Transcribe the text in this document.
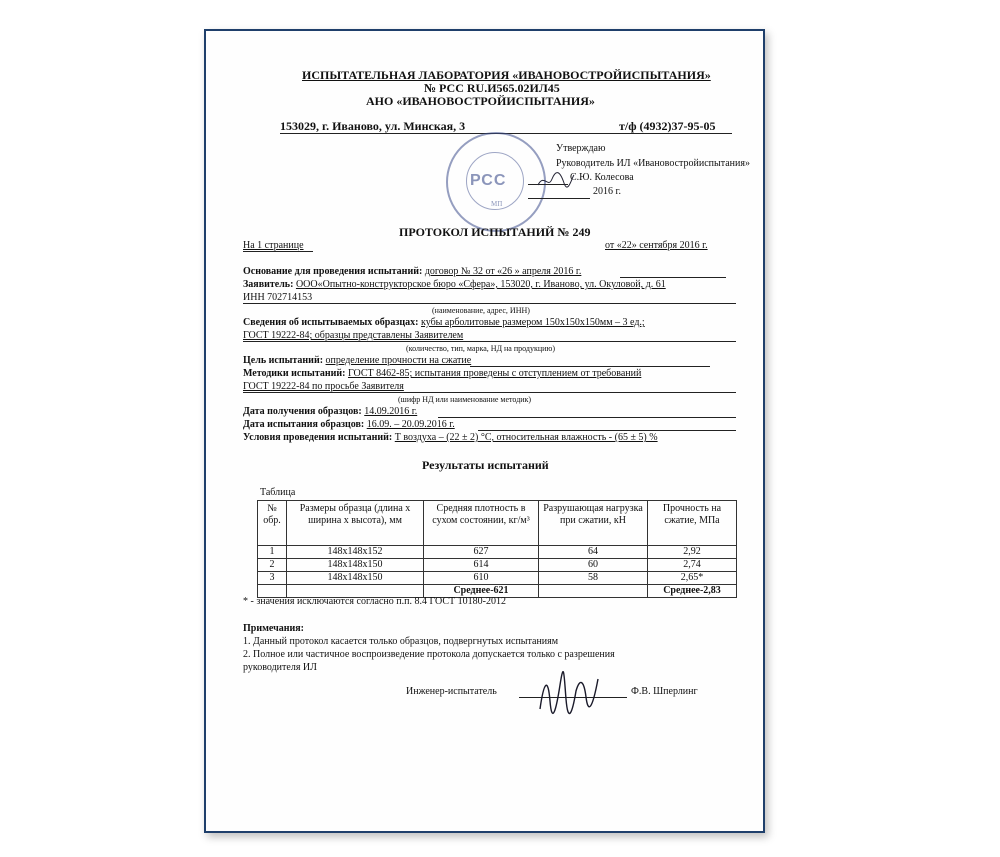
ИСПЫТАТЕЛЬНАЯ ЛАБОРАТОРИЯ «ИВАНОВОСТРОЙИСПЫТАНИЯ»
№ РСС RU.И565.02ИЛ45
АНО «ИВАНОВОСТРОЙИСПЫТАНИЯ»
153029, г. Иваново, ул. Минская, 3	т/ф (4932)37-95-05
РСС
МП
Утверждаю
Руководитель ИЛ «Ивановостройиспытания»
С.Ю. Колесова
2016 г.
ПРОТОКОЛ ИСПЫТАНИЙ № 249
На 1 странице	от «22» сентября 2016 г.
Основание для проведения испытаний: договор № 32 от «26 » апреля 2016 г.
Заявитель: ООО«Опытно-конструкторское бюро «Сфера», 153020, г. Иваново, ул. Окуловой, д. 61
ИНН 702714153
(наименование, адрес, ИНН)
Сведения об испытываемых образцах: кубы арболитовые размером 150х150х150мм – 3 ед.;
ГОСТ 19222-84; образцы представлены Заявителем
(количество, тип, марка, НД на продукцию)
Цель испытаний: определение прочности на сжатие
Методики испытаний: ГОСТ 8462-85; испытания проведены с отступлением от требований
ГОСТ 19222-84 по просьбе Заявителя
(шифр НД или наименование методик)
Дата получения образцов: 14.09.2016 г.
Дата испытания образцов: 16.09. – 20.09.2016 г.
Условия проведения испытаний: Т воздуха – (22 ± 2) °С, относительная влажность - (65 ± 5) %
Результаты испытаний
Таблица
№ обр.	Размеры образца (длина х ширина х высота), мм	Средняя плотность в сухом состоянии, кг/м³	Разрушающая нагрузка при сжатии, кН	Прочность на сжатие, МПа
1	148x148x152	627	64	2,92
2	148x148x150	614	60	2,74
3	148x148x150	610	58	2,65*
		Среднее-621		Среднее-2,83
* - значения исключаются согласно п.п. 8.4 ГОСТ 10180-2012
Примечания:
1. Данный протокол касается только образцов, подвергнутых испытаниям
2. Полное или частичное воспроизведение протокола допускается только с разрешения
руководителя ИЛ
Инженер-испытатель	Ф.В. Шперлинг
